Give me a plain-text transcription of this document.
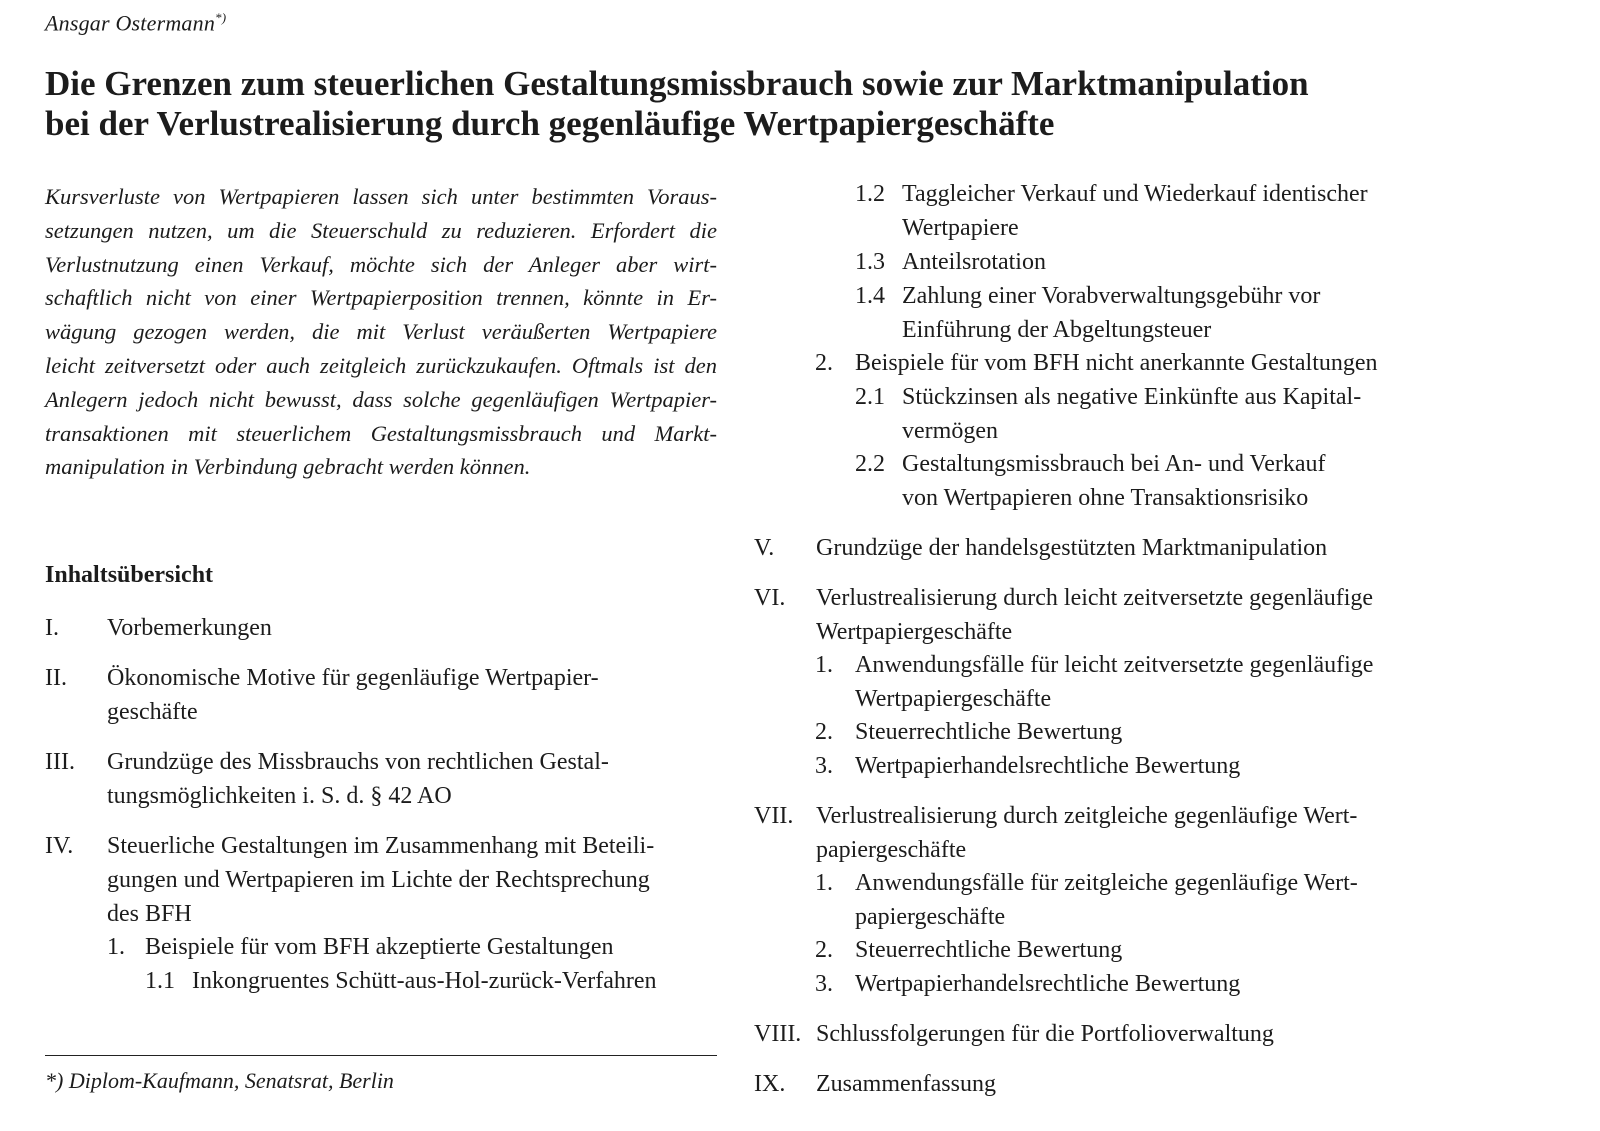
Ansgar Ostermann*)
Die Grenzen zum steuerlichen Gestaltungsmissbrauch sowie zur Marktmanipulation
bei der Verlustrealisierung durch gegenläufige Wertpapiergeschäfte
Kursverluste von Wertpapieren lassen sich unter bestimmten Voraus-
setzungen nutzen, um die Steuerschuld zu reduzieren. Erfordert die
Verlustnutzung einen Verkauf, möchte sich der Anleger aber wirt-
schaftlich nicht von einer Wertpapierposition trennen, könnte in Er-
wägung gezogen werden, die mit Verlust veräußerten Wertpapiere
leicht zeitversetzt oder auch zeitgleich zurückzukaufen. Oftmals ist den
Anlegern jedoch nicht bewusst, dass solche gegenläufigen Wertpapier-
transaktionen mit steuerlichem Gestaltungsmissbrauch und Markt-
manipulation in Verbindung gebracht werden können.
Inhaltsübersicht
I. Vorbemerkungen
II. Ökonomische Motive für gegenläufige Wertpapier-
geschäfte
III. Grundzüge des Missbrauchs von rechtlichen Gestal-
tungsmöglichkeiten i. S. d. § 42 AO
IV. Steuerliche Gestaltungen im Zusammenhang mit Beteili-
gungen und Wertpapieren im Lichte der Rechtsprechung
des BFH
1. Beispiele für vom BFH akzeptierte Gestaltungen
1.1 Inkongruentes Schütt-aus-Hol-zurück-Verfahren
1.2 Taggleicher Verkauf und Wiederkauf identischer
Wertpapiere
1.3 Anteilsrotation
1.4 Zahlung einer Vorabverwaltungsgebühr vor
Einführung der Abgeltungsteuer
2. Beispiele für vom BFH nicht anerkannte Gestaltungen
2.1 Stückzinsen als negative Einkünfte aus Kapital-
vermögen
2.2 Gestaltungsmissbrauch bei An- und Verkauf
von Wertpapieren ohne Transaktionsrisiko
V. Grundzüge der handelsgestützten Marktmanipulation
VI. Verlustrealisierung durch leicht zeitversetzte gegenläufige
Wertpapiergeschäfte
1. Anwendungsfälle für leicht zeitversetzte gegenläufige
Wertpapiergeschäfte
2. Steuerrechtliche Bewertung
3. Wertpapierhandelsrechtliche Bewertung
VII. Verlustrealisierung durch zeitgleiche gegenläufige Wert-
papiergeschäfte
1. Anwendungsfälle für zeitgleiche gegenläufige Wert-
papiergeschäfte
2. Steuerrechtliche Bewertung
3. Wertpapierhandelsrechtliche Bewertung
VIII. Schlussfolgerungen für die Portfolioverwaltung
IX. Zusammenfassung
*) Diplom-Kaufmann, Senatsrat, Berlin
